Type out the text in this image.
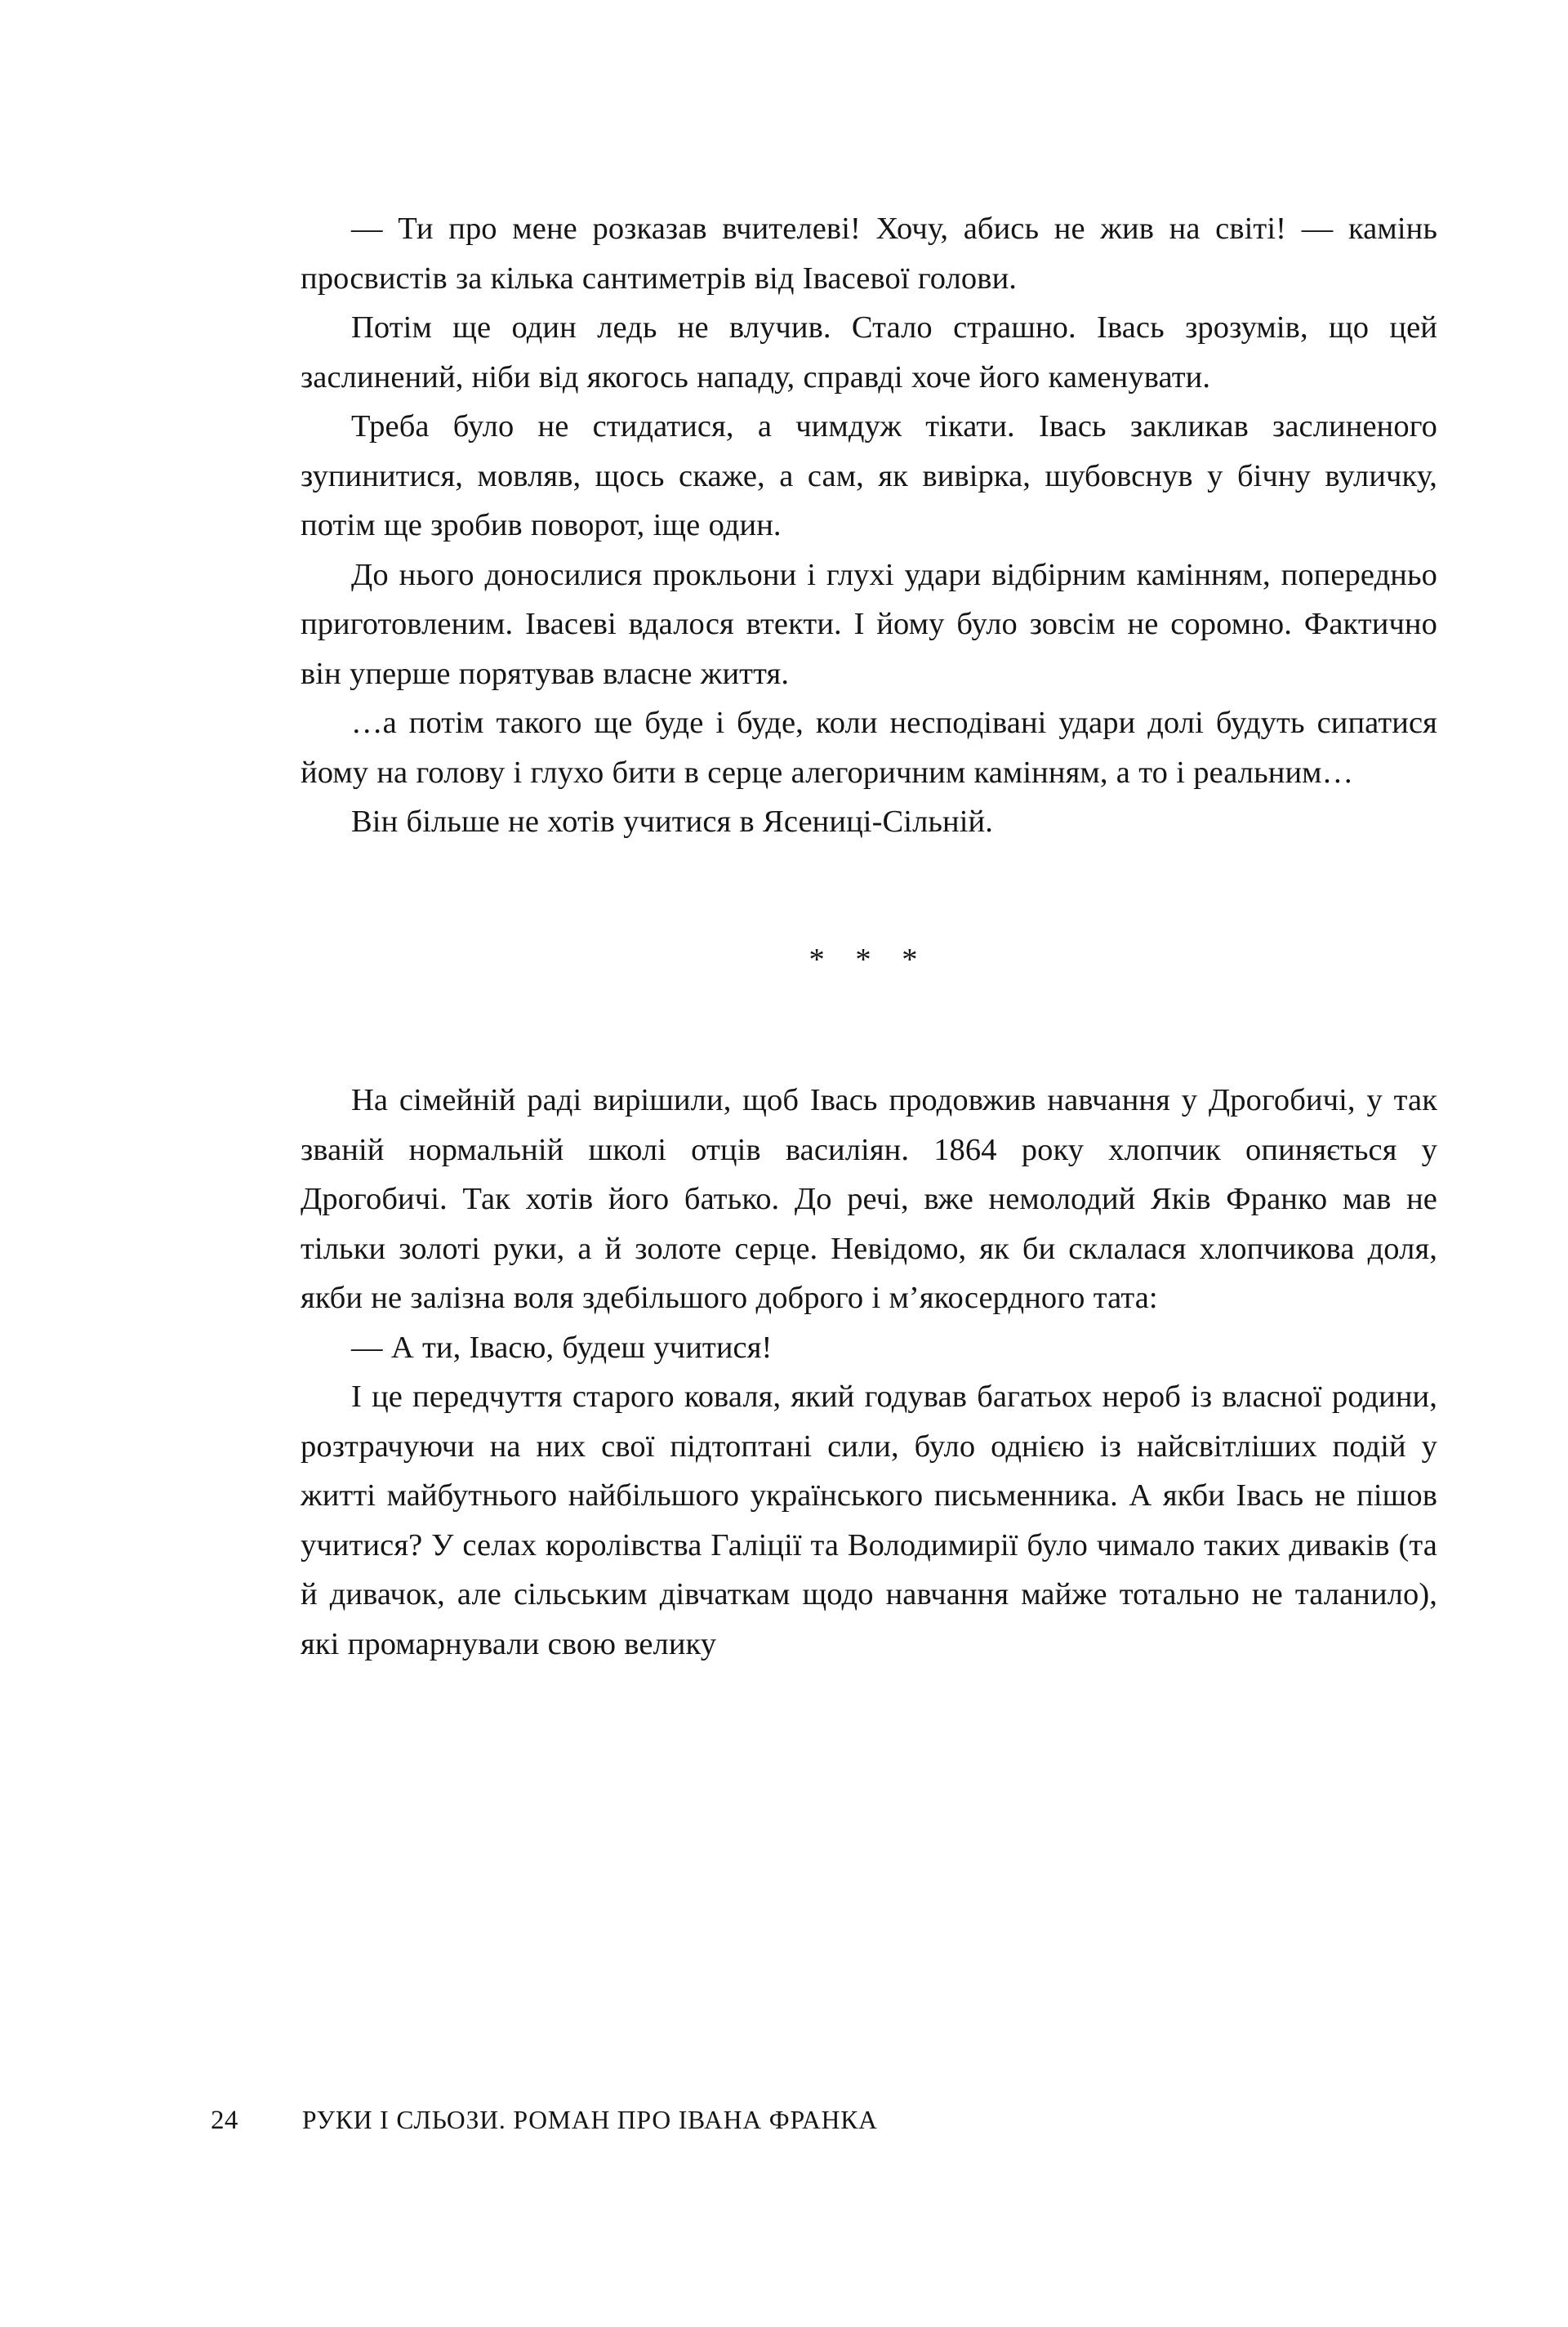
— Ти про мене розказав вчителеві! Хочу, абись не жив на світі! — камінь просвистів за кілька сантиметрів від Івасевої голови.

Потім ще один ледь не влучив. Стало страшно. Івась зрозумів, що цей заслинений, ніби від якогось нападу, справді хоче його каменувати.

Треба було не стидатися, а чимдуж тікати. Івась закликав заслиненого зупинитися, мовляв, щось скаже, а сам, як вивірка, шубовснув у бічну вуличку, потім ще зробив поворот, іще один.

До нього доносилися прокльони і глухі удари відбірним камінням, попередньо приготовленим. Івасеві вдалося втекти. І йому було зовсім не соромно. Фактично він уперше порятував власне життя.

…а потім такого ще буде і буде, коли несподівані удари долі будуть сипатися йому на голову і глухо бити в серце алегоричним камінням, а то і реальним…

Він більше не хотів учитися в Ясениці-Сільній.

* * *

На сімейній раді вирішили, щоб Івась продовжив навчання у Дрогобичі, у так званій нормальній школі отців василіян. 1864 року хлопчик опиняється у Дрогобичі. Так хотів його батько. До речі, вже немолодий Яків Франко мав не тільки золоті руки, а й золоте серце. Невідомо, як би склалася хлопчикова доля, якби не залізна воля здебільшого доброго і м’якосердного тата:

— А ти, Івасю, будеш учитися!

І це передчуття старого коваля, який годував багатьох нероб із власної родини, розтрачуючи на них свої підтоптані сили, було однією із найсвітліших подій у житті майбутнього найбільшого українського письменника. А якби Івась не пішов учитися? У селах королівства Галіції та Володимирії було чимало таких диваків (та й дивачок, але сільським дівчаткам щодо навчання майже тотально не таланило), які промарнували свою велику

24	РУКИ І СЛЬОЗИ. РОМАН ПРО ІВАНА ФРАНКА
